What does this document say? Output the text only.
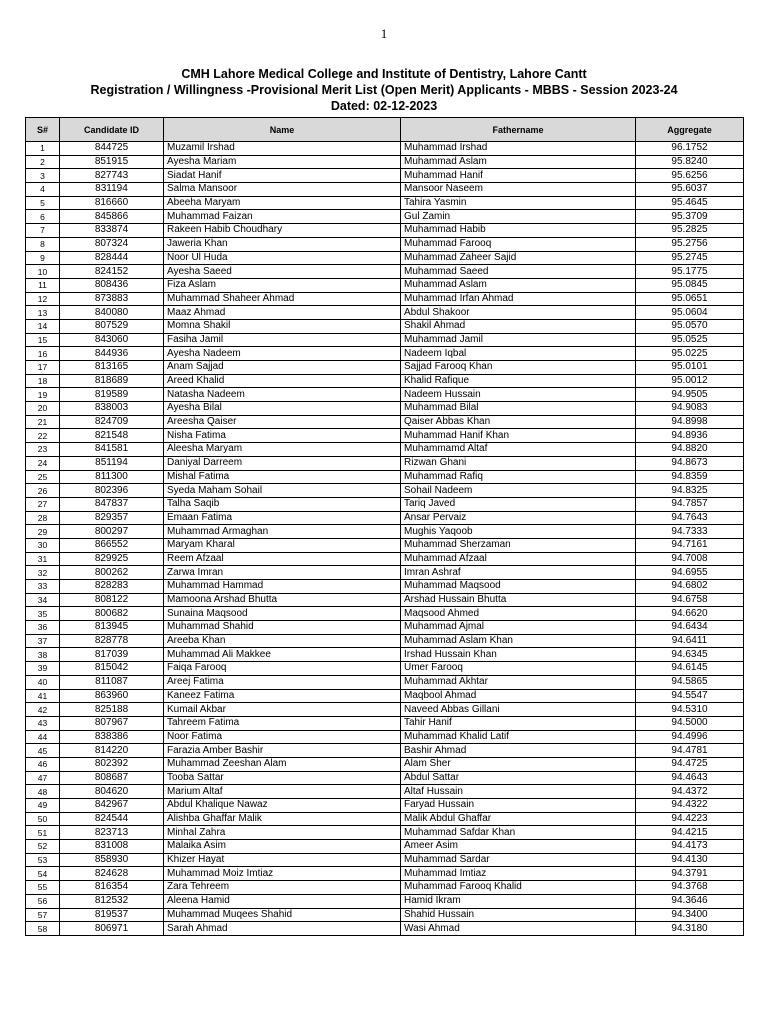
1
CMH Lahore Medical College and Institute of Dentistry, Lahore Cantt
Registration / Willingness -Provisional Merit List (Open Merit) Applicants - MBBS - Session 2023-24
Dated: 02-12-2023
S#	Candidate ID	Name	Fathername	Aggregate
1	844725	Muzamil Irshad	Muhammad Irshad	96.1752
2	851915	Ayesha Mariam	Muhammad Aslam	95.8240
3	827743	Siadat Hanif	Muhammad Hanif	95.6256
4	831194	Salma Mansoor	Mansoor Naseem	95.6037
5	816660	Abeeha Maryam	Tahira Yasmin	95.4645
6	845866	Muhammad Faizan	Gul Zamin	95.3709
7	833874	Rakeen Habib Choudhary	Muhammad Habib	95.2825
8	807324	Jaweria Khan	Muhammad Farooq	95.2756
9	828444	Noor Ul Huda	Muhammad Zaheer Sajid	95.2745
10	824152	Ayesha Saeed	Muhammad Saeed	95.1775
11	808436	Fiza Aslam	Muhammad Aslam	95.0845
12	873883	Muhammad Shaheer Ahmad	Muhammad Irfan Ahmad	95.0651
13	840080	Maaz Ahmad	Abdul Shakoor	95.0604
14	807529	Momna Shakil	Shakil Ahmad	95.0570
15	843060	Fasiha Jamil	Muhammad Jamil	95.0525
16	844936	Ayesha Nadeem	Nadeem Iqbal	95.0225
17	813165	Anam Sajjad	Sajjad Farooq Khan	95.0101
18	818689	Areed Khalid	Khalid Rafique	95.0012
19	819589	Natasha Nadeem	Nadeem Hussain	94.9505
20	838003	Ayesha Bilal	Muhammad Bilal	94.9083
21	824709	Areesha Qaiser	Qaiser Abbas Khan	94.8998
22	821548	Nisha Fatima	Muhammad Hanif Khan	94.8936
23	841581	Aleesha Maryam	Muhammamd Altaf	94.8820
24	851194	Daniyal Darreem	Rizwan Ghani	94.8673
25	811300	Mishal Fatima	Muhammad Rafiq	94.8359
26	802396	Syeda Maham Sohail	Sohail Nadeem	94.8325
27	847837	Talha Saqib	Tariq Javed	94.7857
28	829357	Emaan Fatima	Ansar Pervaiz	94.7643
29	800297	Muhammad Armaghan	Mughis Yaqoob	94.7333
30	866552	Maryam Kharal	Muhammad Sherzaman	94.7161
31	829925	Reem Afzaal	Muhammad Afzaal	94.7008
32	800262	Zarwa Imran	Imran Ashraf	94.6955
33	828283	Muhammad Hammad	Muhammad Maqsood	94.6802
34	808122	Mamoona Arshad Bhutta	Arshad Hussain Bhutta	94.6758
35	800682	Sunaina Maqsood	Maqsood Ahmed	94.6620
36	813945	Muhammad Shahid	Muhammad Ajmal	94.6434
37	828778	Areeba Khan	Muhammad Aslam Khan	94.6411
38	817039	Muhammad Ali Makkee	Irshad Hussain Khan	94.6345
39	815042	Faiqa Farooq	Umer Farooq	94.6145
40	811087	Areej Fatima	Muhammad Akhtar	94.5865
41	863960	Kaneez Fatima	Maqbool Ahmad	94.5547
42	825188	Kumail Akbar	Naveed Abbas Gillani	94.5310
43	807967	Tahreem Fatima	Tahir Hanif	94.5000
44	838386	Noor Fatima	Muhammad Khalid Latif	94.4996
45	814220	Farazia Amber Bashir	Bashir Ahmad	94.4781
46	802392	Muhammad Zeeshan Alam	Alam Sher	94.4725
47	808687	Tooba Sattar	Abdul Sattar	94.4643
48	804620	Marium Altaf	Altaf Hussain	94.4372
49	842967	Abdul Khalique Nawaz	Faryad Hussain	94.4322
50	824544	Alishba Ghaffar Malik	Malik Abdul Ghaffar	94.4223
51	823713	Minhal Zahra	Muhammad Safdar Khan	94.4215
52	831008	Malaika Asim	Ameer Asim	94.4173
53	858930	Khizer Hayat	Muhammad Sardar	94.4130
54	824628	Muhammad Moiz Imtiaz	Muhammad Imtiaz	94.3791
55	816354	Zara Tehreem	Muhammad Farooq Khalid	94.3768
56	812532	Aleena Hamid	Hamid Ikram	94.3646
57	819537	Muhammad Muqees Shahid	Shahid Hussain	94.3400
58	806971	Sarah Ahmad	Wasi Ahmad	94.3180
